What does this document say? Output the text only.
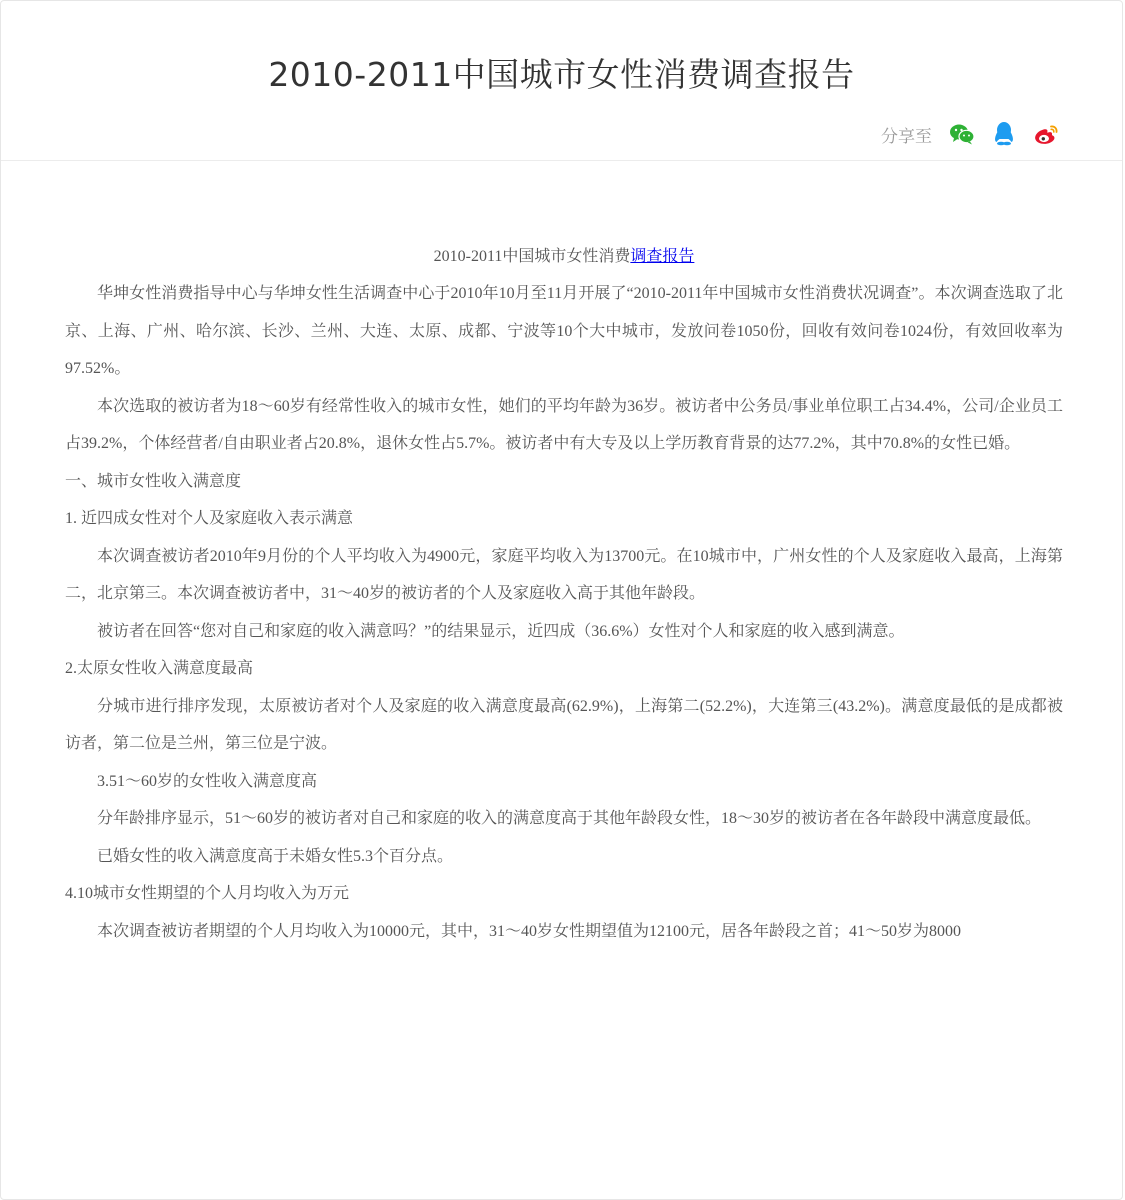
2010-2011中国城市女性消费调查报告
分享至

2010-2011中国城市女性消费调查报告

华坤女性消费指导中心与华坤女性生活调查中心于2010年10月至11月开展了“2010-2011年中国城市女性消费状况调查”。本次调查选取了北京、上海、广州、哈尔滨、长沙、兰州、大连、太原、成都、宁波等10个大中城市，发放问卷1050份，回收有效问卷1024份，有效回收率为97.52%。

本次选取的被访者为18～60岁有经常性收入的城市女性，她们的平均年龄为36岁。被访者中公务员/事业单位职工占34.4%，公司/企业员工占39.2%，个体经营者/自由职业者占20.8%，退休女性占5.7%。被访者中有大专及以上学历教育背景的达77.2%，其中70.8%的女性已婚。

一、城市女性收入满意度

1. 近四成女性对个人及家庭收入表示满意

本次调查被访者2010年9月份的个人平均收入为4900元，家庭平均收入为13700元。在10城市中，广州女性的个人及家庭收入最高，上海第二，北京第三。本次调查被访者中，31～40岁的被访者的个人及家庭收入高于其他年龄段。

被访者在回答“您对自己和家庭的收入满意吗？”的结果显示，近四成（36.6%）女性对个人和家庭的收入感到满意。

2.太原女性收入满意度最高

分城市进行排序发现，太原被访者对个人及家庭的收入满意度最高(62.9%)，上海第二(52.2%)，大连第三(43.2%)。满意度最低的是成都被访者，第二位是兰州，第三位是宁波。

3.51～60岁的女性收入满意度高

分年龄排序显示，51～60岁的被访者对自己和家庭的收入的满意度高于其他年龄段女性，18～30岁的被访者在各年龄段中满意度最低。

已婚女性的收入满意度高于未婚女性5.3个百分点。

4.10城市女性期望的个人月均收入为万元

本次调查被访者期望的个人月均收入为10000元，其中，31～40岁女性期望值为12100元，居各年龄段之首；41～50岁为8000
